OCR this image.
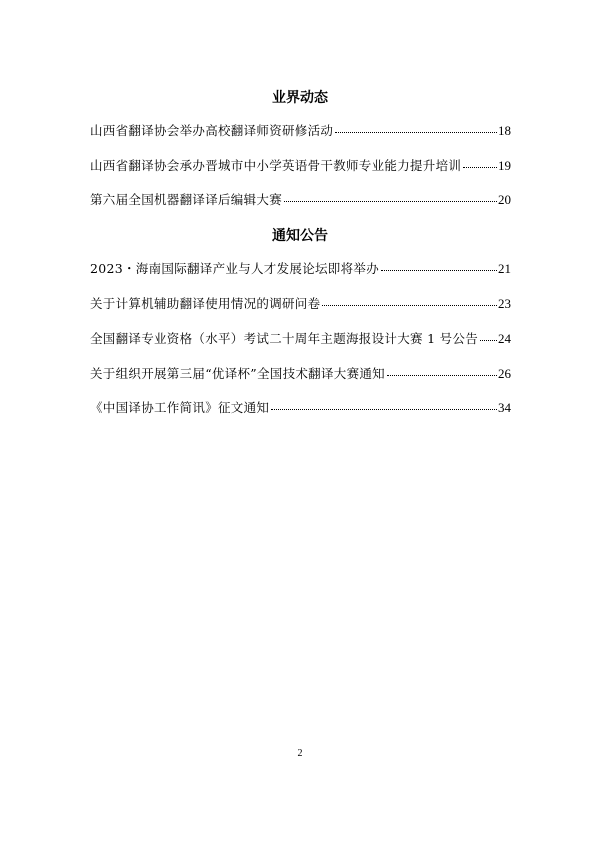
业界动态
山西省翻译协会举办高校翻译师资研修活动	18
山西省翻译协会承办晋城市中小学英语骨干教师专业能力提升培训	19
第六届全国机器翻译译后编辑大赛	20
通知公告
2023・海南国际翻译产业与人才发展论坛即将举办	21
关于计算机辅助翻译使用情况的调研问卷	23
全国翻译专业资格（水平）考试二十周年主题海报设计大赛 1 号公告 24
关于组织开展第三届“优译杯”全国技术翻译大赛通知	26
《中国译协工作简讯》征文通知	34
2
